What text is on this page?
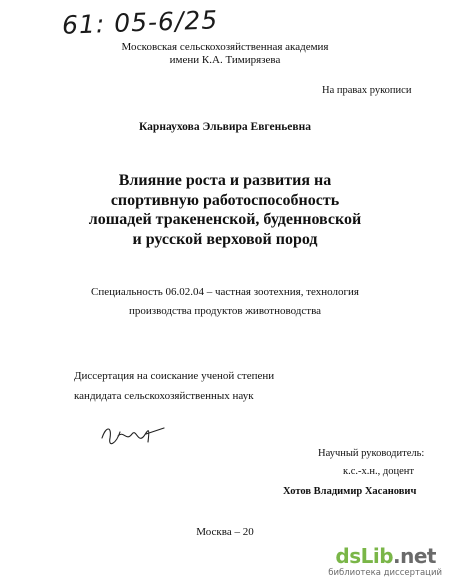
61: 05-6/25
Московская сельскохозяйственная академия
имени К.А. Тимирязева
На правах рукописи
Карнаухова Эльвира Евгеньевна
Влияние роста и развития на
спортивную работоспособность
лошадей тракененской, буденновской
и русской верховой пород
Специальность 06.02.04 – частная зоотехния, технология
производства продуктов животноводства
Диссертация на соискание ученой степени
кандидата сельскохозяйственных наук
Научный руководитель:
к.с.-х.н., доцент
Хотов Владимир Хасанович
Москва – 20
dsLib.net
библиотека диссертаций
